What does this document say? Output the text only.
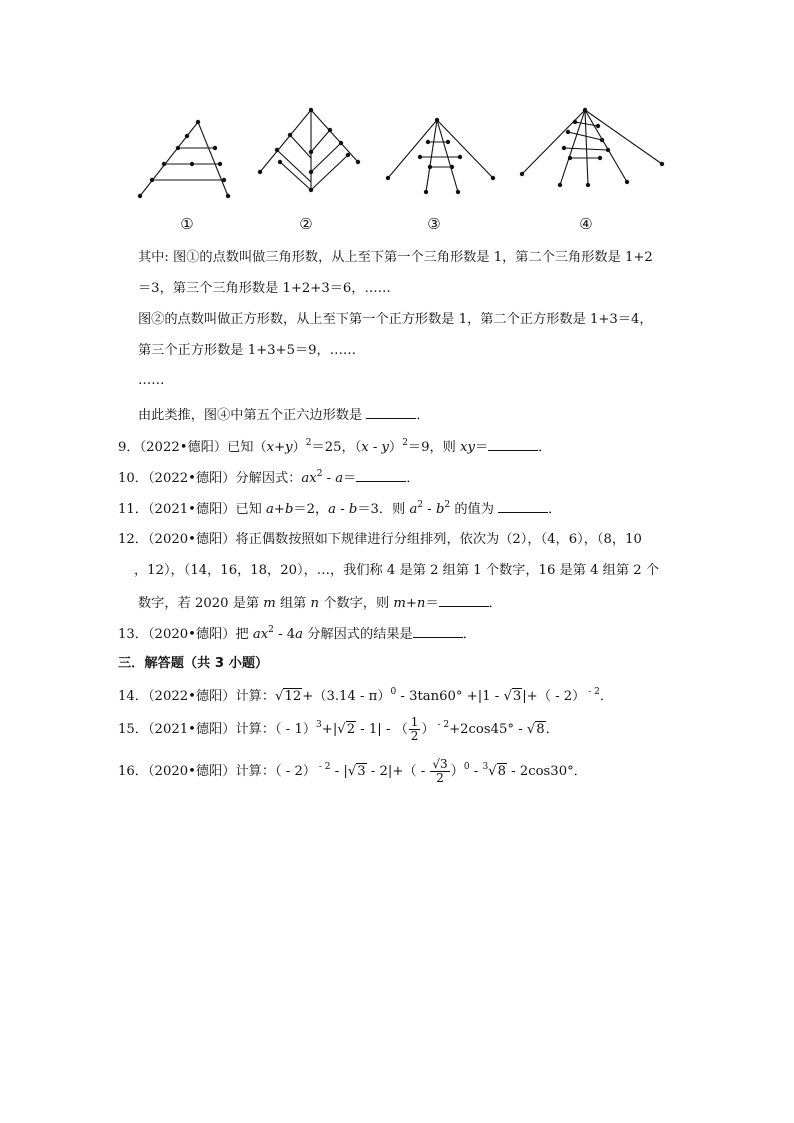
①	②	③	④
其中: 图①的点数叫做三角形数，从上至下第一个三角形数是 1，第二个三角形数是 1+2
＝3，第三个三角形数是 1+2+3＝6，……
图②的点数叫做正方形数，从上至下第一个正方形数是 1，第二个正方形数是 1+3＝4，
第三个正方形数是 1+3+5＝9，……
……
由此类推，图④中第五个正六边形数是	．
9．（2022•德阳）已知$(x+y)^2=25$，（x - y）$^2$＝9，则 xy＝	．
10．（2022•德阳）分解因式：$ax^2 - a=$	．
11．（2021•德阳）已知 a+b＝2，a - b＝3．则 $a^2 - b^2$ 的值为	．
12．（2020•德阳）将正偶数按照如下规律进行分组排列，依次为（2），（4，6），（8，10
，12），（14，16，18，20），…，我们称 4 是第 2 组第 1 个数字，16 是第 4 组第 2 个
数字，若 2020 是第 m 组第 n 个数字，则 m+n＝	．
13．（2020•德阳）把 $ax^2 - 4a$ 分解因式的结果是	．
三．解答题（共 3 小题）
14．（2022•德阳）计算：√12+（3.14 - π）$^0$ - 3tan60° +|1 - √3|+（ - 2） $^{- 2}$．
15．（2021•德阳）计算：（ - 1）$^3$+|√2 - 1| - （ $\frac{1}{2}$ ） $^{- 2}$+2cos45° - √8．
16．（2020•德阳）计算：（ - 2） $^{- 2} - |√3 - 2|+( - \frac{√3}{2} )^0 - ^3√8 - 2\cos 30^\circ$．
